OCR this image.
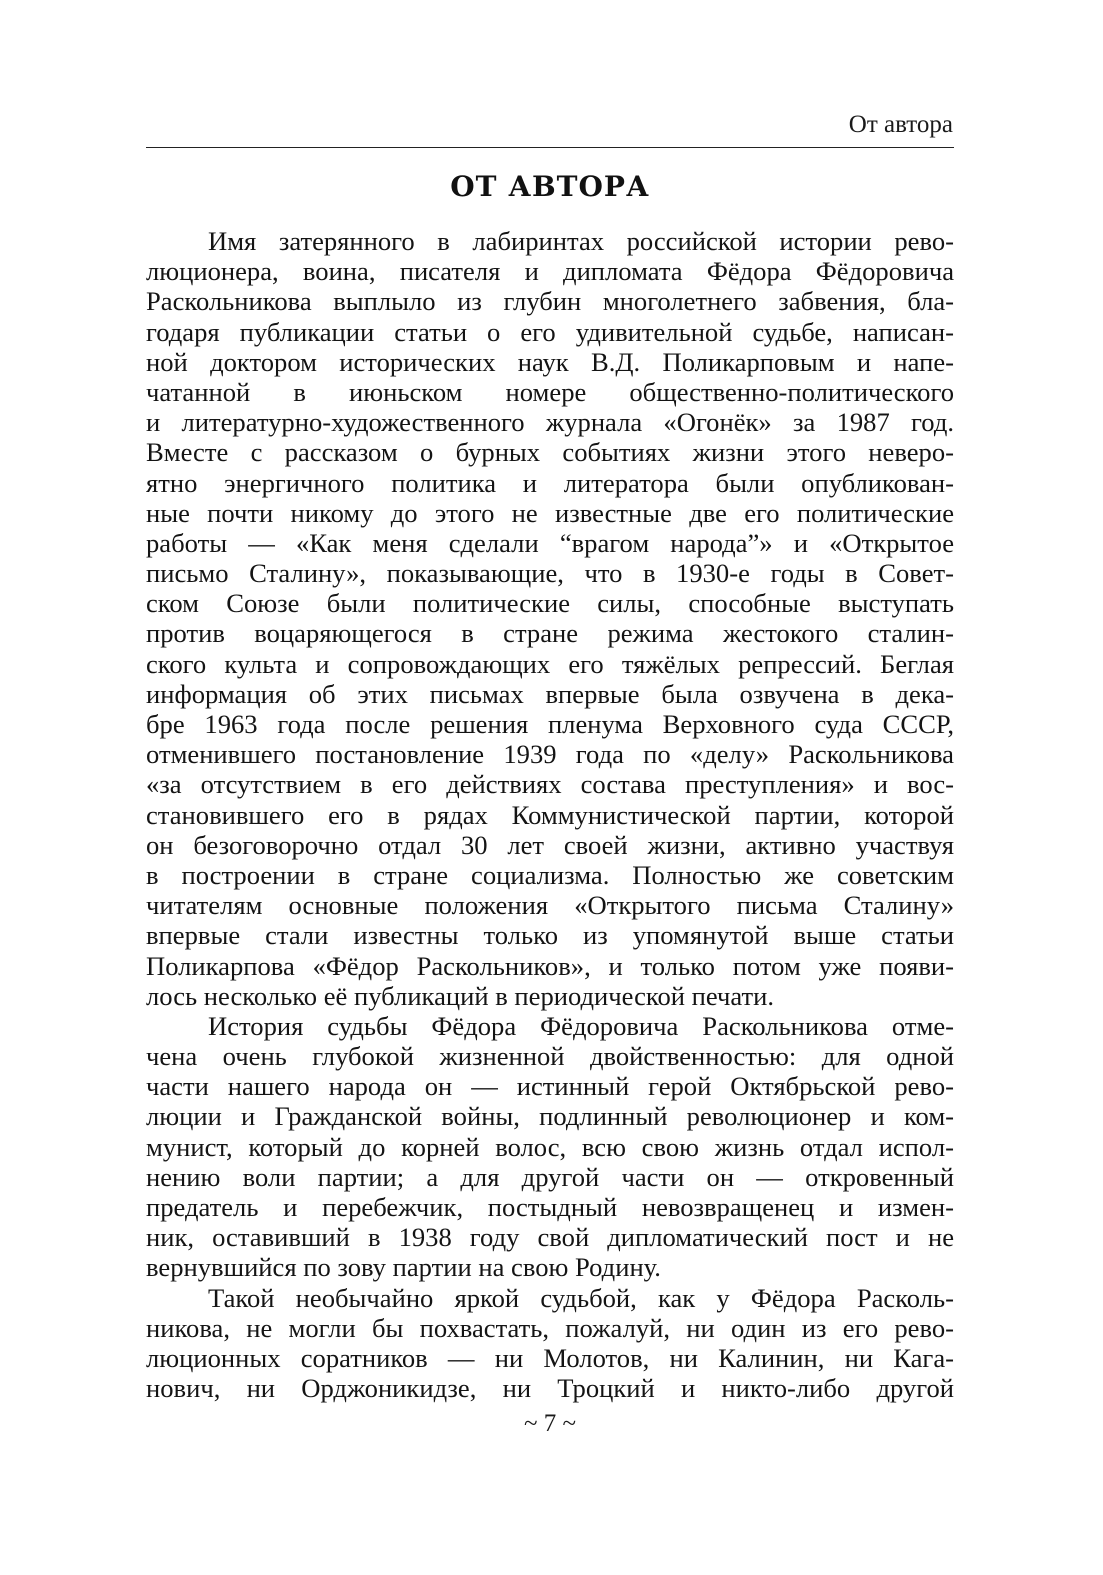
От автора
ОТ АВТОРА
Имя затерянного в лабиринтах российской истории рево-
люционера, воина, писателя и дипломата Фёдора Фёдоровича
Раскольникова выплыло из глубин многолетнего забвения, бла-
годаря публикации статьи о его удивительной судьбе, написан-
ной доктором исторических наук В.Д. Поликарповым и напе-
чатанной в июньском номере общественно-политического
и литературно-художественного журнала «Огонёк» за 1987 год.
Вместе с рассказом о бурных событиях жизни этого неверо-
ятно энергичного политика и литератора были опубликован-
ные почти никому до этого не известные две его политические
работы — «Как меня сделали “врагом народа”» и «Открытое
письмо Сталину», показывающие, что в 1930-е годы в Совет-
ском Союзе были политические силы, способные выступать
против воцаряющегося в стране режима жестокого сталин-
ского культа и сопровождающих его тяжёлых репрессий. Беглая
информация об этих письмах впервые была озвучена в дека-
бре 1963 года после решения пленума Верховного суда СССР,
отменившего постановление 1939 года по «делу» Раскольникова
«за отсутствием в его действиях состава преступления» и вос-
становившего его в рядах Коммунистической партии, которой
он безоговорочно отдал 30 лет своей жизни, активно участвуя
в построении в стране социализма. Полностью же советским
читателям основные положения «Открытого письма Сталину»
впервые стали известны только из упомянутой выше статьи
Поликарпова «Фёдор Раскольников», и только потом уже появи-
лось несколько её публикаций в периодической печати.
История судьбы Фёдора Фёдоровича Раскольникова отме-
чена очень глубокой жизненной двойственностью: для одной
части нашего народа он — истинный герой Октябрьской рево-
люции и Гражданской войны, подлинный революционер и ком-
мунист, который до корней волос, всю свою жизнь отдал испол-
нению воли партии; а для другой части он — откровенный
предатель и перебежчик, постыдный невозвращенец и измен-
ник, оставивший в 1938 году свой дипломатический пост и не
вернувшийся по зову партии на свою Родину.
Такой необычайно яркой судьбой, как у Фёдора Расколь-
никова, не могли бы похвастать, пожалуй, ни один из его рево-
люционных соратников — ни Молотов, ни Калинин, ни Кага-
нович, ни Орджоникидзе, ни Троцкий и никто-либо другой
~ 7 ~
